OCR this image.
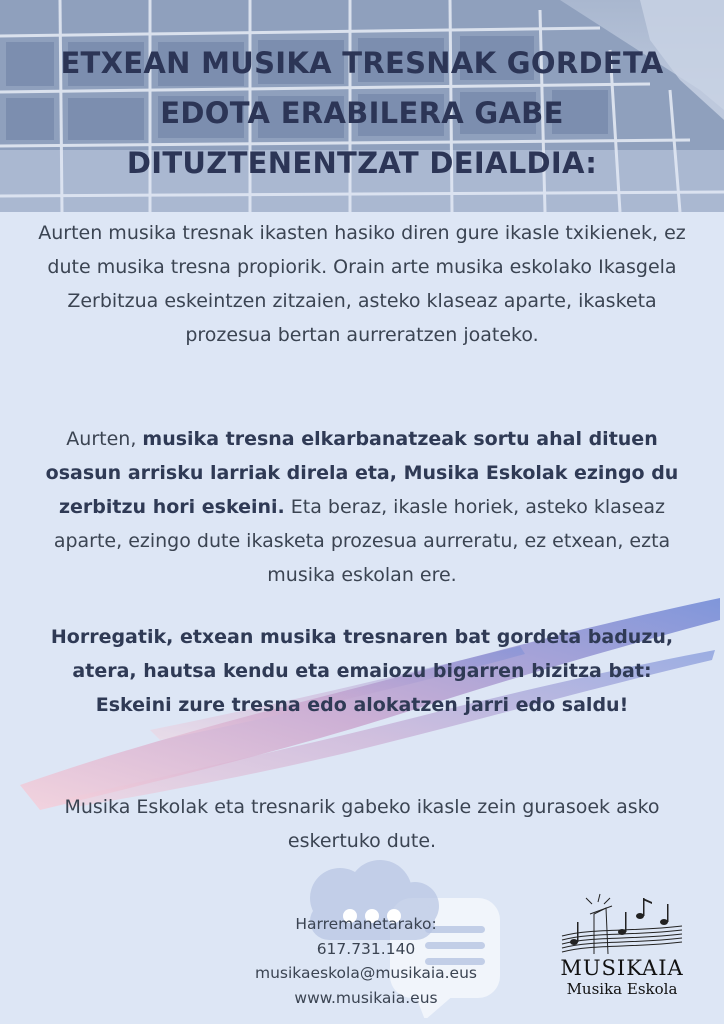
ETXEAN MUSIKA TRESNAK GORDETA
EDOTA ERABILERA GABE
DITUZTENENTZAT DEIALDIA:

Aurten musika tresnak ikasten hasiko diren gure ikasle txikienek, ez dute musika tresna propiorik. Orain arte musika eskolako Ikasgela Zerbitzua eskeintzen zitzaien, asteko klaseaz aparte, ikasketa prozesua bertan aurreratzen joateko.

Aurten, musika tresna elkarbanatzeak sortu ahal dituen osasun arrisku larriak direla eta, Musika Eskolak ezingo du zerbitzu hori eskeini. Eta beraz, ikasle horiek, asteko klaseaz aparte, ezingo dute ikasketa prozesua aurreratu, ez etxean, ezta musika eskolan ere.

Horregatik, etxean musika tresnaren bat gordeta baduzu, atera, hautsa kendu eta emaiozu bigarren bizitza bat:
Eskeini zure tresna edo alokatzen jarri edo saldu!

Musika Eskolak eta tresnarik gabeko ikasle zein gurasoek asko eskertuko dute.

Harremanetarako:
617.731.140
musikaeskola@musikaia.eus
www.musikaia.eus

MUSIKAIA
Musika Eskola
